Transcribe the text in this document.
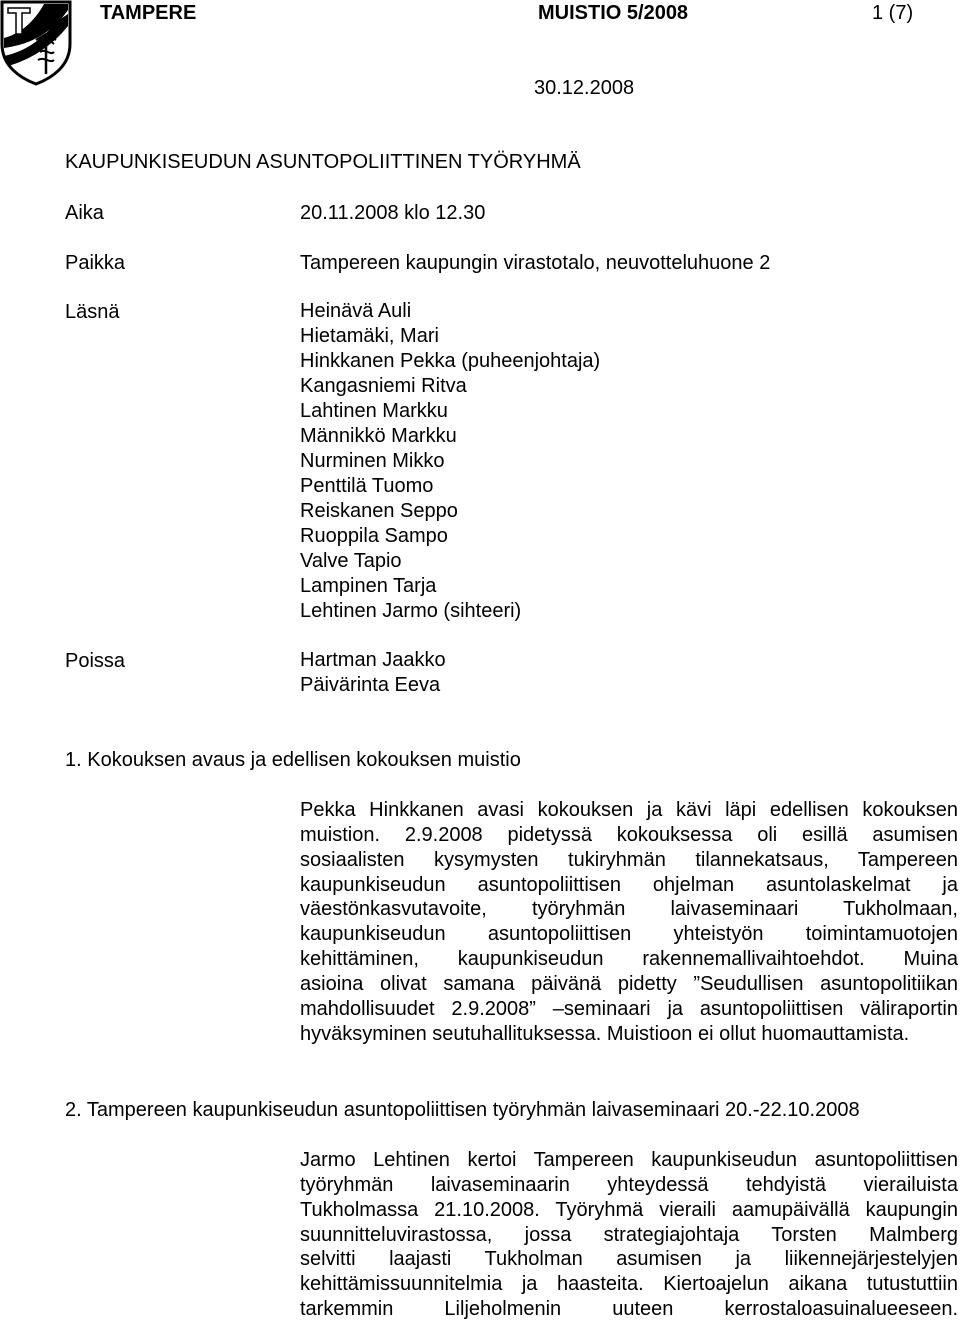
TAMPERE	MUISTIO 5/2008	1 (7)
30.12.2008
KAUPUNKISEUDUN ASUNTOPOLIITTINEN TYÖRYHMÄ
Aika	20.11.2008 klo 12.30
Paikka	Tampereen kaupungin virastotalo, neuvotteluhuone 2
Läsnä	Heinävä Auli
Hietamäki, Mari
Hinkkanen Pekka (puheenjohtaja)
Kangasniemi Ritva
Lahtinen Markku
Männikkö Markku
Nurminen Mikko
Penttilä Tuomo
Reiskanen Seppo
Ruoppila Sampo
Valve Tapio
Lampinen Tarja
Lehtinen Jarmo (sihteeri)
Poissa	Hartman Jaakko
Päivärinta Eeva
1. Kokouksen avaus ja edellisen kokouksen muistio
Pekka Hinkkanen avasi kokouksen ja kävi läpi edellisen kokouksen
muistion. 2.9.2008 pidetyssä kokouksessa oli esillä asumisen
sosiaalisten kysymysten tukiryhmän tilannekatsaus, Tampereen
kaupunkiseudun asuntopoliittisen ohjelman asuntolaskelmat ja
väestönkasvutavoite, työryhmän laivaseminaari Tukholmaan,
kaupunkiseudun asuntopoliittisen yhteistyön toimintamuotojen
kehittäminen, kaupunkiseudun rakennemallivaihtoehdot. Muina
asioina olivat samana päivänä pidetty ”Seudullisen asuntopolitiikan
mahdollisuudet 2.9.2008” –seminaari ja asuntopoliittisen väliraportin
hyväksyminen seutuhallituksessa. Muistioon ei ollut huomauttamista.
2. Tampereen kaupunkiseudun asuntopoliittisen työryhmän laivaseminaari 20.-22.10.2008
Jarmo Lehtinen kertoi Tampereen kaupunkiseudun asuntopoliittisen
työryhmän laivaseminaarin yhteydessä tehdyistä vierailuista
Tukholmassa 21.10.2008. Työryhmä vieraili aamupäivällä kaupungin
suunnitteluvirastossa, jossa strategiajohtaja Torsten Malmberg
selvitti laajasti Tukholman asumisen ja liikennejärjestelyjen
kehittämissuunnitelmia ja haasteita. Kiertoajelun aikana tutustuttiin
tarkemmin Liljeholmenin uuteen kerrostaloasuinalueeseen.
